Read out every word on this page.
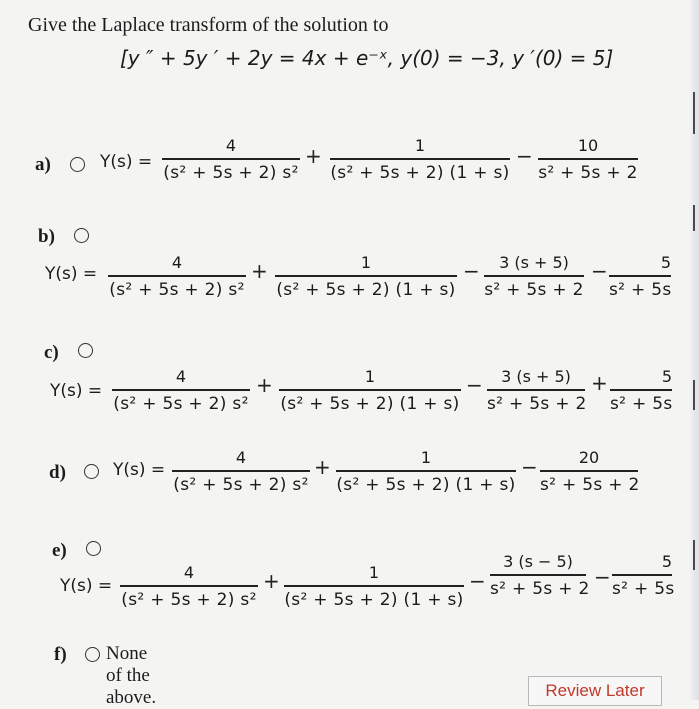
Give the Laplace transform of the solution to
[y ″ + 5y ′ + 2y = 4x + e⁻ˣ, y(0) = −3, y ′(0) = 5]
a)	Y(s) =
4
(s² + 5s + 2) s²
+	1
(s² + 5s + 2) (1 + s)
−	10
s² + 5s + 2
b)
Y(s) =
4
(s² + 5s + 2) s²
+	1
(s² + 5s + 2) (1 + s)
−	3 (s + 5)
s² + 5s + 2
−	5
s² + 5s
c)
Y(s) =
4
(s² + 5s + 2) s²
+	1
(s² + 5s + 2) (1 + s)
−	3 (s + 5)
s² + 5s + 2
+	5
s² + 5s
d)	Y(s) =
4
(s² + 5s + 2) s²
+	1
(s² + 5s + 2) (1 + s)
−	20
s² + 5s + 2
e)
Y(s) =
4
(s² + 5s + 2) s²
+	1
(s² + 5s + 2) (1 + s)
−
3 (s − 5)
s² + 5s + 2 −
5
s² + 5s
f) None of the above.	Review Later
